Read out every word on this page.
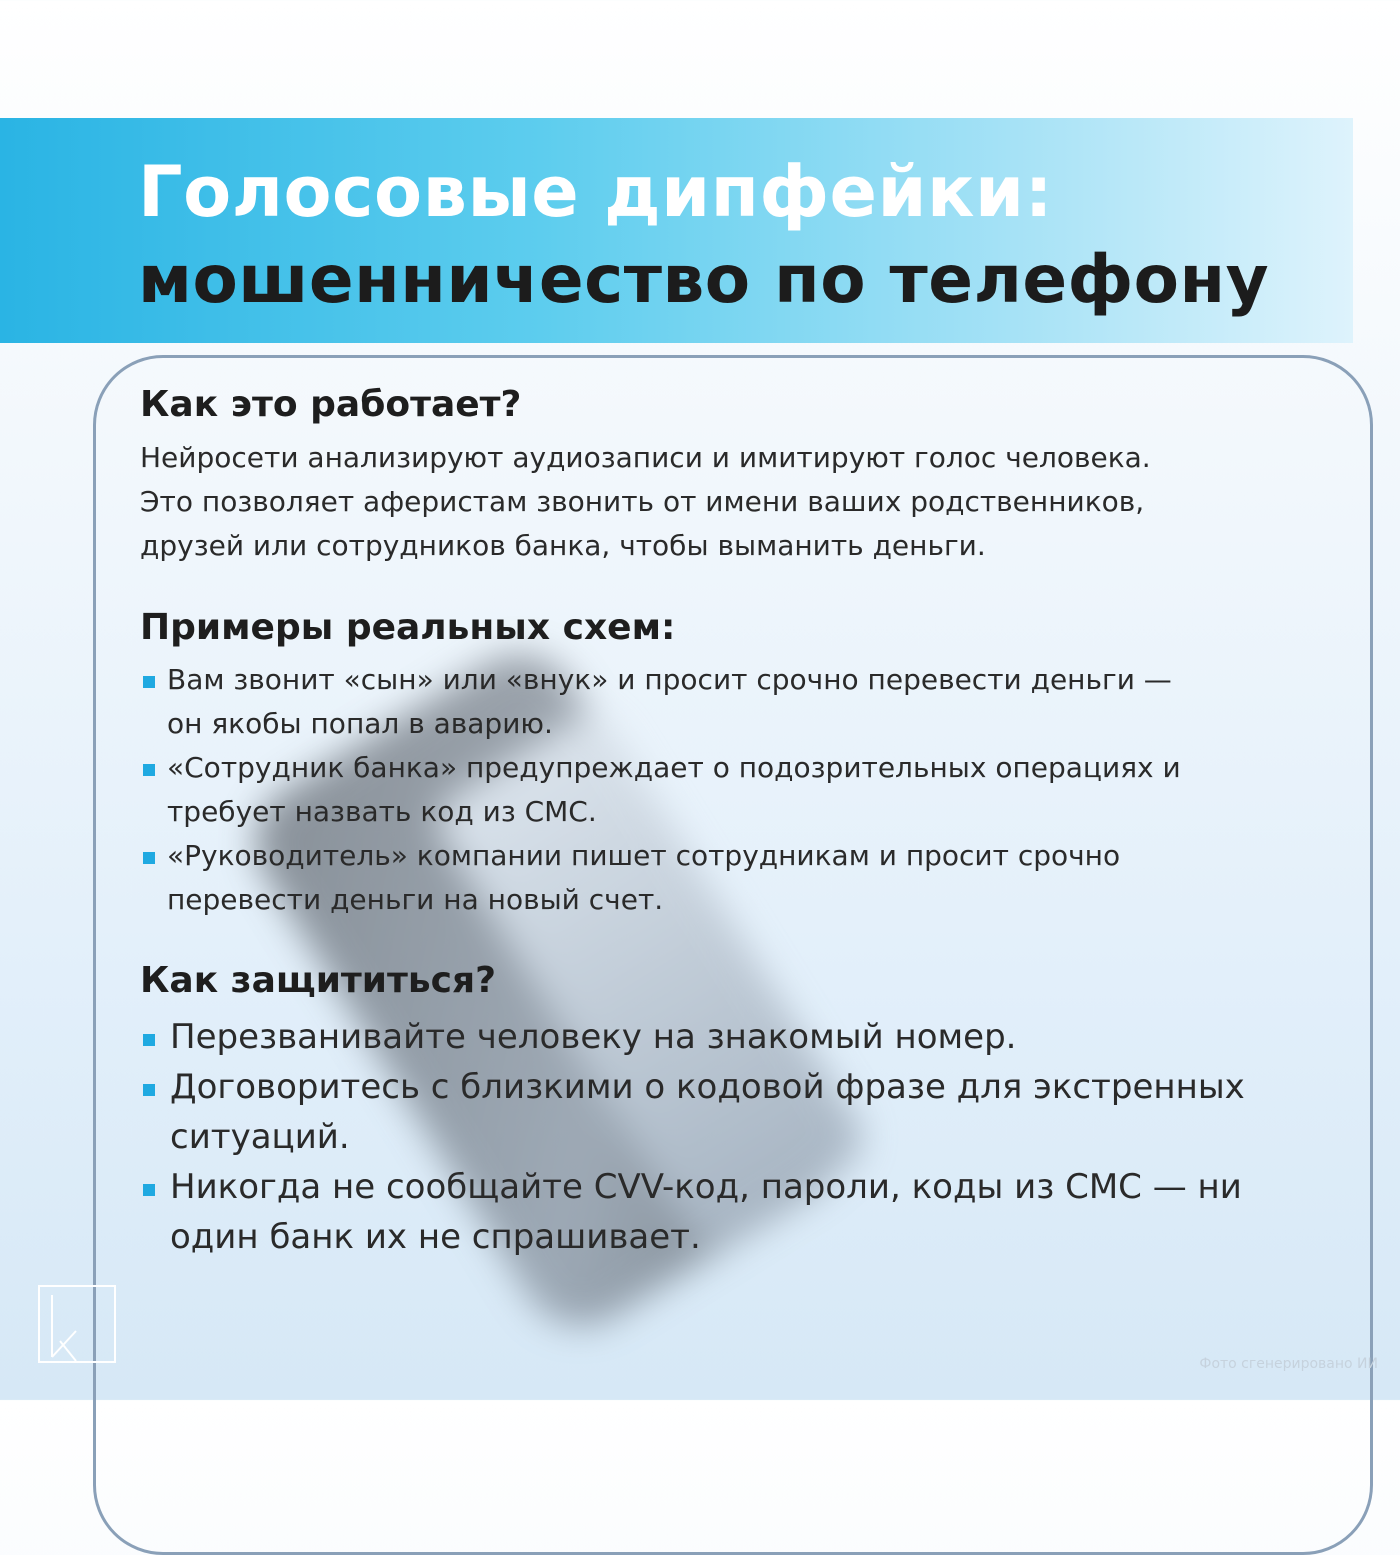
Голосовые дипфейки:
мошенничество по телефону
Как это работает?
Нейросети анализируют аудиозаписи и имитируют голос человека.
Это позволяет аферистам звонить от имени ваших родственников,
друзей или сотрудников банка, чтобы выманить деньги.
Примеры реальных схем:
Вам звонит «сын» или «внук» и просит срочно перевести деньги —
он якобы попал в аварию.
«Сотрудник банка» предупреждает о подозрительных операциях и
требует назвать код из СМС.
«Руководитель» компании пишет сотрудникам и просит срочно
перевести деньги на новый счет.
Как защититься?
Перезванивайте человеку на знакомый номер.
Договоритесь с близкими о кодовой фразе для экстренных
ситуаций.
Никогда не сообщайте CVV-код, пароли, коды из СМС — ни
один банк их не спрашивает.
Фото сгенерировано ИИ
